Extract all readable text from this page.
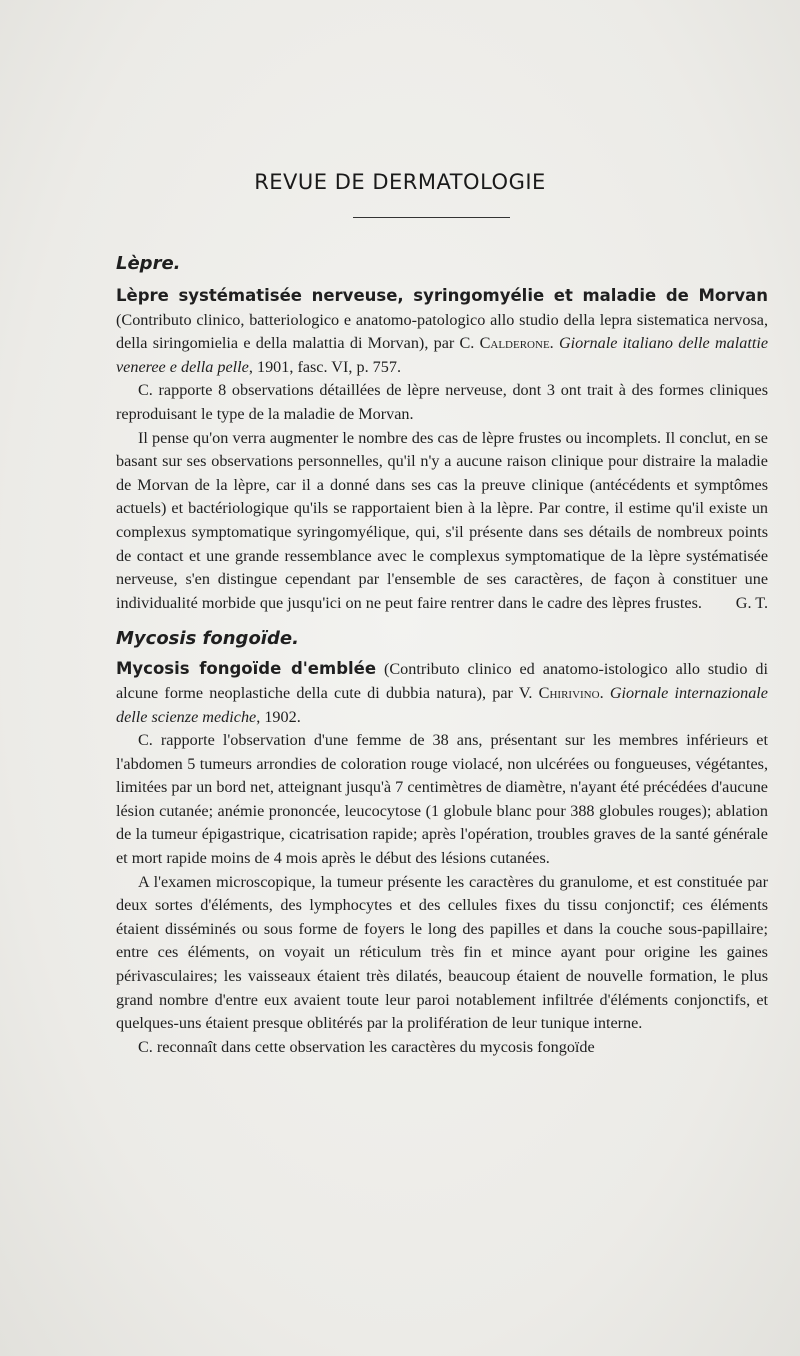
REVUE DE DERMATOLOGIE
Lèpre.

Lèpre systématisée nerveuse, syringomyélie et maladie de Morvan (Contributo clinico, batteriologico e anatomo-patologico allo studio della lepra sistematica nervosa, della siringomielia e della malattia di Morvan), par C. Calderone. Giornale italiano delle malattie veneree e della pelle, 1901, fasc. VI, p. 757.

C. rapporte 8 observations détaillées de lèpre nerveuse, dont 3 ont trait à des formes cliniques reproduisant le type de la maladie de Morvan.

Il pense qu'on verra augmenter le nombre des cas de lèpre frustes ou incomplets. Il conclut, en se basant sur ses observations personnelles, qu'il n'y a aucune raison clinique pour distraire la maladie de Morvan de la lèpre, car il a donné dans ses cas la preuve clinique (antécédents et symptômes actuels) et bactériologique qu'ils se rapportaient bien à la lèpre. Par contre, il estime qu'il existe un complexus symptomatique syringomyélique, qui, s'il présente dans ses détails de nombreux points de contact et une grande ressemblance avec le complexus symptomatique de la lèpre systématisée nerveuse, s'en distingue cependant par l'ensemble de ses caractères, de façon à constituer une individualité morbide que jusqu'ici on ne peut faire rentrer dans le cadre des lèpres frustes.	G. T.

Mycosis fongoïde.

Mycosis fongoïde d'emblée (Contributo clinico ed anatomo-istologico allo studio di alcune forme neoplastiche della cute di dubbia natura), par V. Chirivino. Giornale internazionale delle scienze mediche, 1902.

C. rapporte l'observation d'une femme de 38 ans, présentant sur les membres inférieurs et l'abdomen 5 tumeurs arrondies de coloration rouge violacé, non ulcérées ou fongueuses, végétantes, limitées par un bord net, atteignant jusqu'à 7 centimètres de diamètre, n'ayant été précédées d'aucune lésion cutanée; anémie prononcée, leucocytose (1 globule blanc pour 388 globules rouges); ablation de la tumeur épigastrique, cicatrisation rapide; après l'opération, troubles graves de la santé générale et mort rapide moins de 4 mois après le début des lésions cutanées.

A l'examen microscopique, la tumeur présente les caractères du granulome, et est constituée par deux sortes d'éléments, des lymphocytes et des cellules fixes du tissu conjonctif; ces éléments étaient disséminés ou sous forme de foyers le long des papilles et dans la couche sous-papillaire; entre ces éléments, on voyait un réticulum très fin et mince ayant pour origine les gaines périvasculaires; les vaisseaux étaient très dilatés, beaucoup étaient de nouvelle formation, le plus grand nombre d'entre eux avaient toute leur paroi notablement infiltrée d'éléments conjonctifs, et quelques-uns étaient presque oblitérés par la prolifération de leur tunique interne.

C. reconnaît dans cette observation les caractères du mycosis fongoïde
